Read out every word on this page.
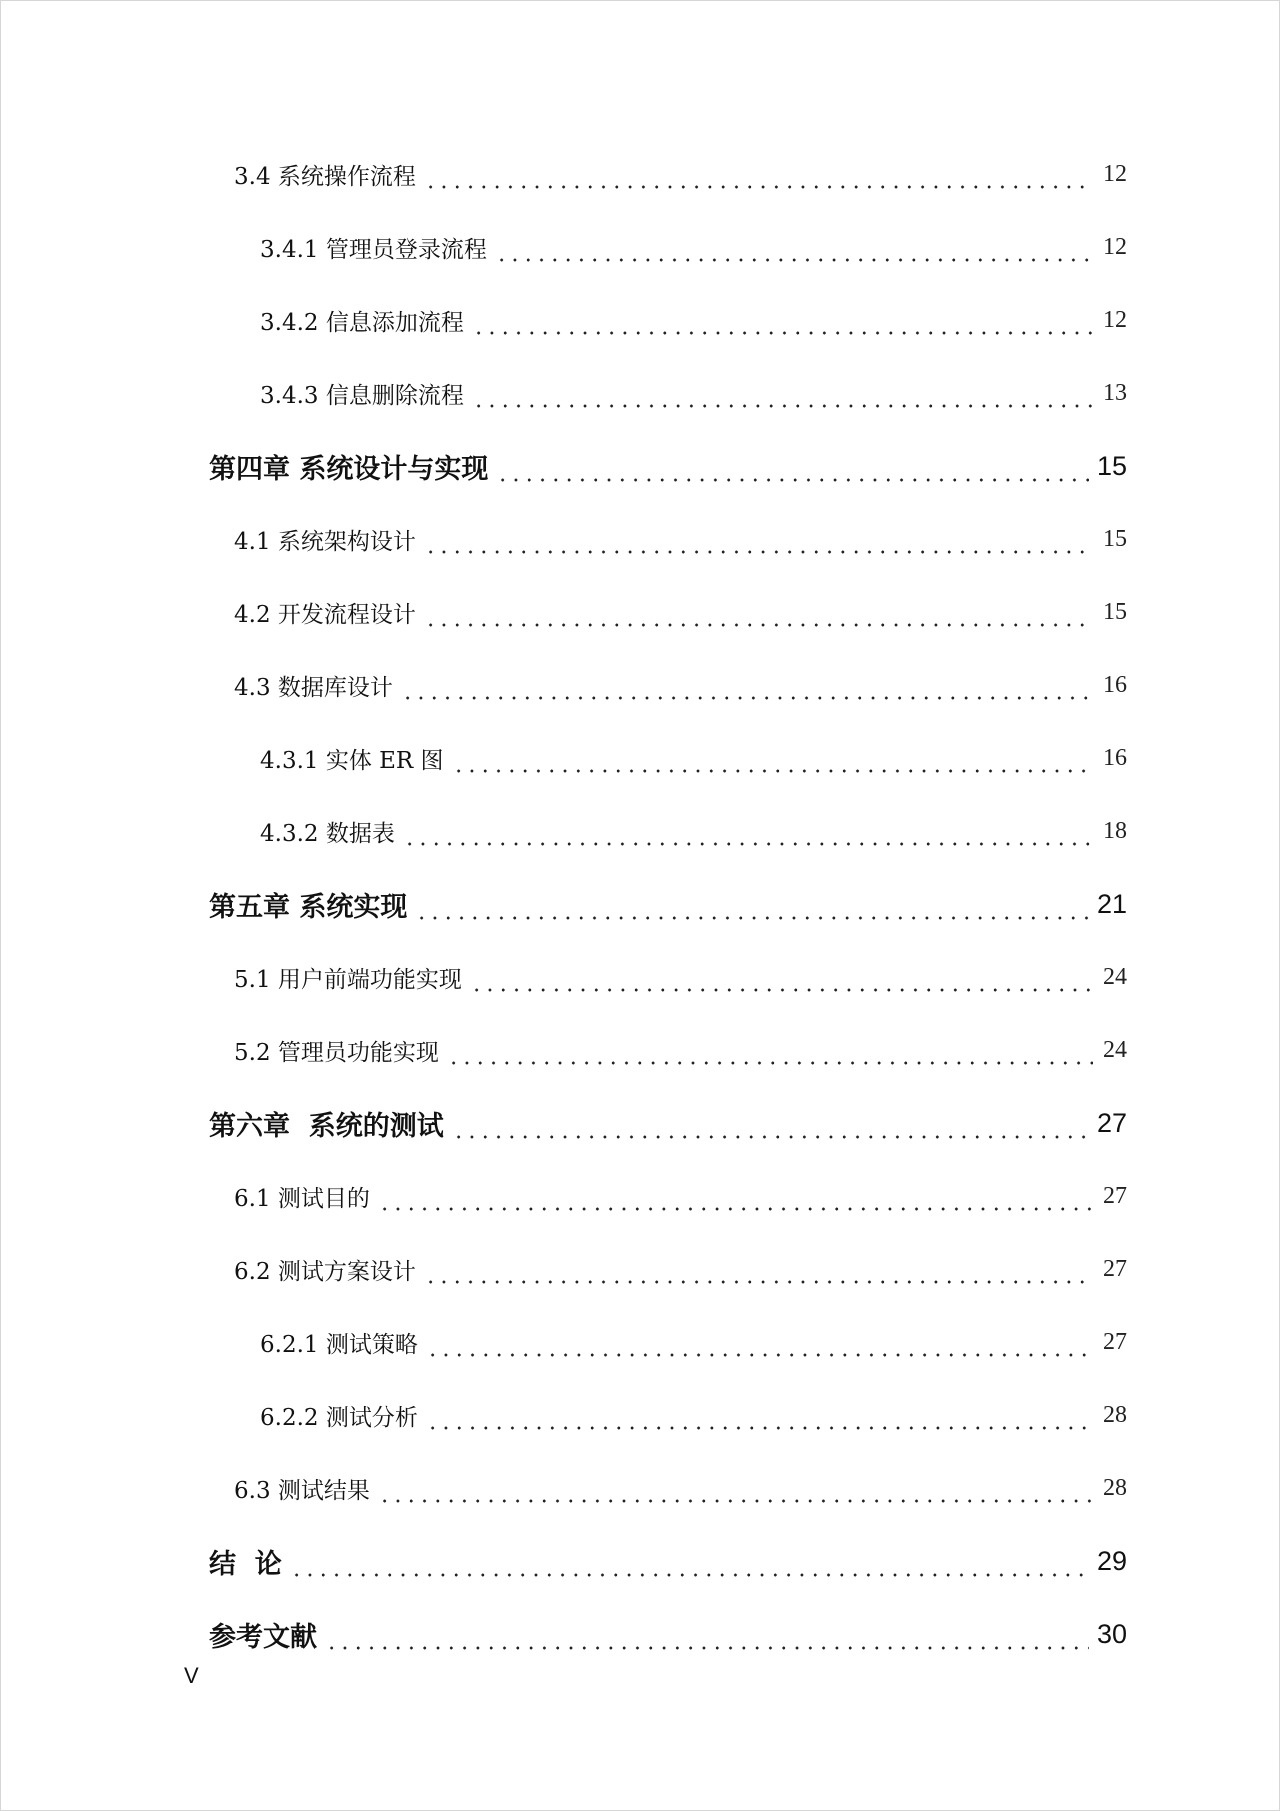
3.4 系统操作流程	12
3.4.1 管理员登录流程	12
3.4.2 信息添加流程	12
3.4.3 信息删除流程	13
第四章 系统设计与实现	15
4.1 系统架构设计	15
4.2 开发流程设计	15
4.3 数据库设计	16
4.3.1 实体 ER 图	16
4.3.2 数据表	18
第五章 系统实现	21
5.1 用户前端功能实现	24
5.2 管理员功能实现	24
第六章  系统的测试	27
6.1 测试目的	27
6.2 测试方案设计	27
6.2.1 测试策略	27
6.2.2 测试分析	28
6.3 测试结果	28
结  论	29
参考文献	30
V
